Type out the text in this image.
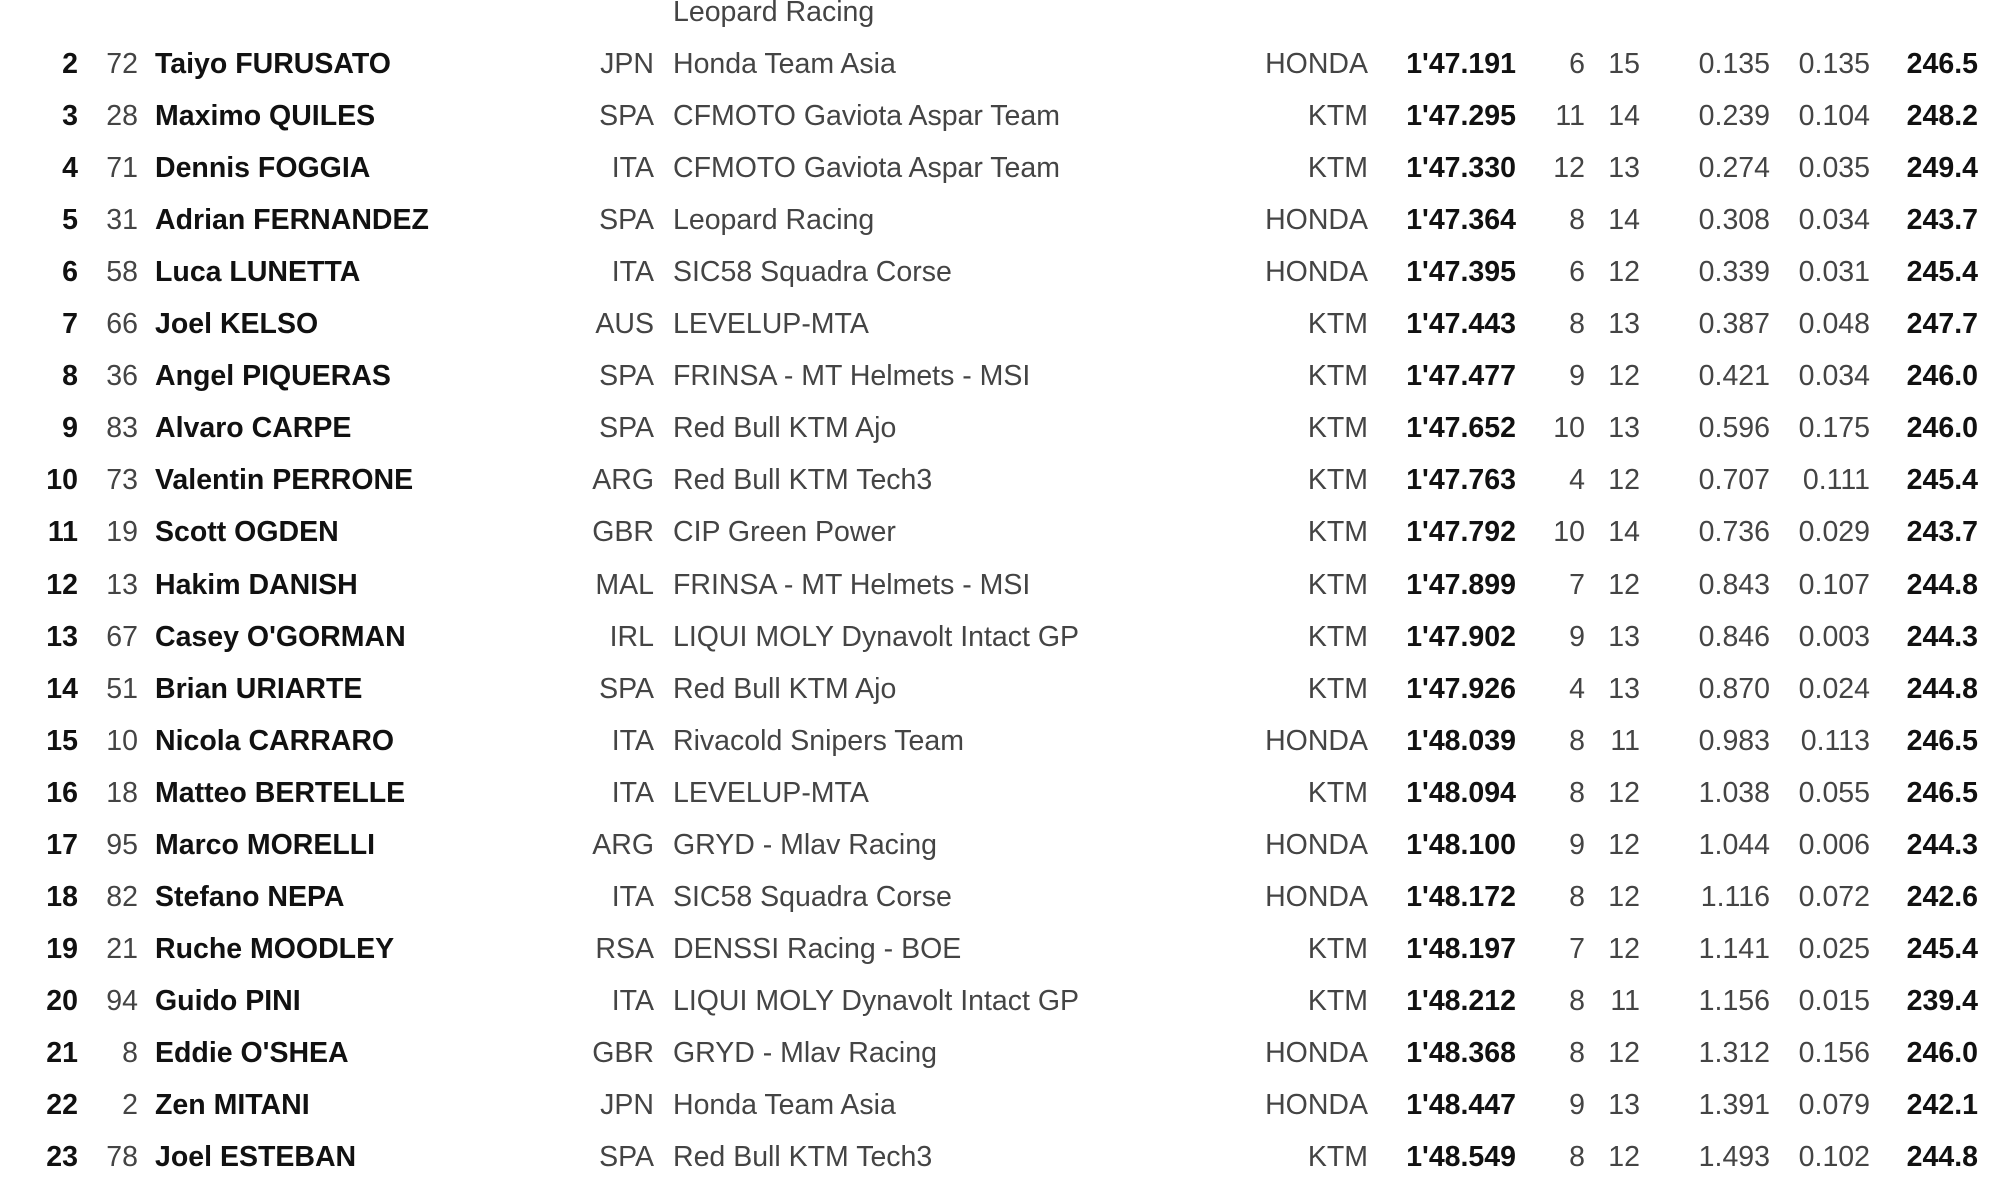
Leopard Racing
2 72 Taiyo FURUSATO	JPN Honda Team Asia	HONDA	1'47.191	6 15	0.135	0.135	246.5
3 28 Maximo QUILES	SPA CFMOTO Gaviota Aspar Team	KTM	1'47.295	11 14	0.239	0.104	248.2
4 71 Dennis FOGGIA	ITA CFMOTO Gaviota Aspar Team	KTM	1'47.330	12 13	0.274	0.035	249.4
5 31 Adrian FERNANDEZ	SPA Leopard Racing	HONDA	1'47.364	8 14	0.308	0.034	243.7
6 58 Luca LUNETTA	ITA SIC58 Squadra Corse	HONDA	1'47.395	6 12	0.339	0.031	245.4
7 66 Joel KELSO	AUS LEVELUP-MTA	KTM	1'47.443	8 13	0.387	0.048	247.7
8 36 Angel PIQUERAS	SPA FRINSA - MT Helmets - MSI	KTM	1'47.477	9 12	0.421	0.034	246.0
9 83 Alvaro CARPE	SPA Red Bull KTM Ajo	KTM	1'47.652	10 13	0.596	0.175	246.0
10 73 Valentin PERRONE	ARG Red Bull KTM Tech3	KTM	1'47.763	4 12	0.707	0.111	245.4
11 19 Scott OGDEN	GBR CIP Green Power	KTM	1'47.792	10 14	0.736	0.029	243.7
12 13 Hakim DANISH	MAL FRINSA - MT Helmets - MSI	KTM	1'47.899	7 12	0.843	0.107	244.8
13 67 Casey O'GORMAN	IRL LIQUI MOLY Dynavolt Intact GP	KTM	1'47.902	9 13	0.846	0.003	244.3
14 51 Brian URIARTE	SPA Red Bull KTM Ajo	KTM	1'47.926	4 13	0.870	0.024	244.8
15 10 Nicola CARRARO	ITA Rivacold Snipers Team	HONDA	1'48.039	8 11	0.983	0.113	246.5
16 18 Matteo BERTELLE	ITA LEVELUP-MTA	KTM	1'48.094	8 12	1.038	0.055	246.5
17 95 Marco MORELLI	ARG GRYD - Mlav Racing	HONDA	1'48.100	9 12	1.044	0.006	244.3
18 82 Stefano NEPA	ITA SIC58 Squadra Corse	HONDA	1'48.172	8 12	1.116	0.072	242.6
19 21 Ruche MOODLEY	RSA DENSSI Racing - BOE	KTM	1'48.197	7 12	1.141	0.025	245.4
20 94 Guido PINI	ITA LIQUI MOLY Dynavolt Intact GP	KTM	1'48.212	8 11	1.156	0.015	239.4
21	8 Eddie O'SHEA	GBR GRYD - Mlav Racing	HONDA	1'48.368	8 12	1.312	0.156	246.0
22	2 Zen MITANI	JPN Honda Team Asia	HONDA	1'48.447	9 13	1.391	0.079	242.1
23 78 Joel ESTEBAN	SPA Red Bull KTM Tech3	KTM	1'48.549	8 12	1.493	0.102	244.8
